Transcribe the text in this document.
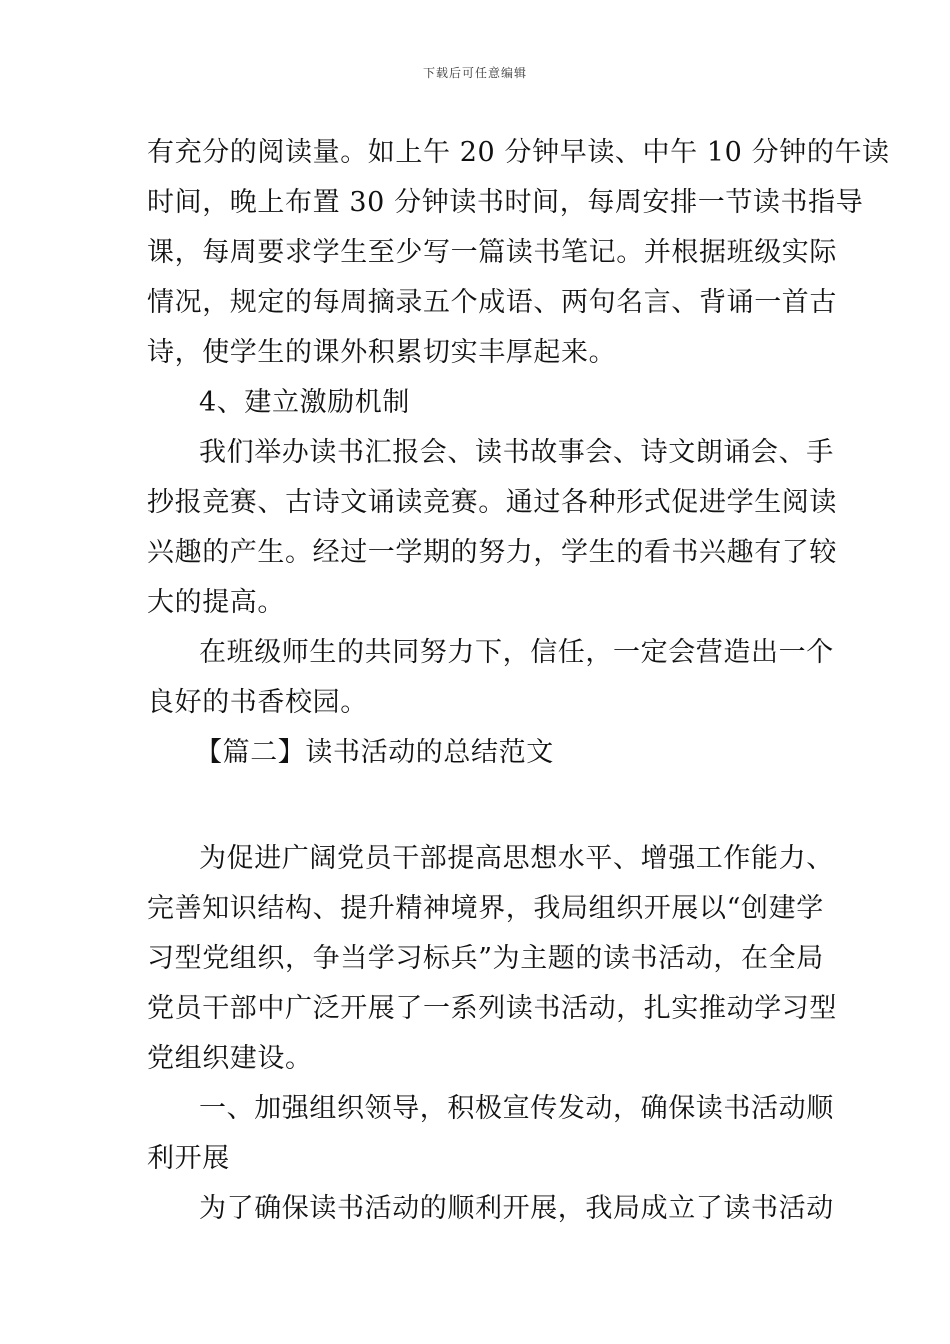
下载后可任意编辑
有充分的阅读量。如上午 20 分钟早读、中午 10 分钟的午读
时间，晚上布置 30 分钟读书时间，每周安排一节读书指导
课，每周要求学生至少写一篇读书笔记。并根据班级实际
情况，规定的每周摘录五个成语、两句名言、背诵一首古
诗，使学生的课外积累切实丰厚起来。
4、建立激励机制
我们举办读书汇报会、读书故事会、诗文朗诵会、手
抄报竞赛、古诗文诵读竞赛。通过各种形式促进学生阅读
兴趣的产生。经过一学期的努力，学生的看书兴趣有了较
大的提高。
在班级师生的共同努力下，信任，一定会营造出一个
良好的书香校园。
【篇二】读书活动的总结范文
为促进广阔党员干部提高思想水平、增强工作能力、
完善知识结构、提升精神境界，我局组织开展以“创建学
习型党组织，争当学习标兵”为主题的读书活动，在全局
党员干部中广泛开展了一系列读书活动，扎实推动学习型
党组织建设。
一、加强组织领导，积极宣传发动，确保读书活动顺
利开展
为了确保读书活动的顺利开展，我局成立了读书活动
